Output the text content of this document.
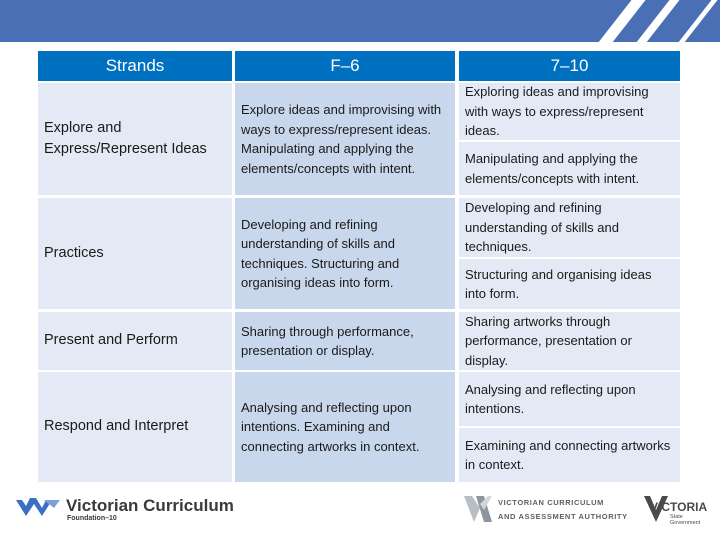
Strands	F–6	7–10
Explore and Express/Represent Ideas
Explore ideas and improvising with ways to express/represent ideas. Manipulating and applying the elements/concepts with intent.
Exploring ideas and improvising with ways to express/represent ideas.
Manipulating and applying the elements/concepts with intent.
Practices
Developing and refining understanding of skills and techniques. Structuring and organising ideas into form.
Developing and refining understanding of skills and techniques.
Structuring and organising ideas into form.
Present and Perform
Sharing through performance, presentation or display.
Sharing artworks through performance, presentation or display.
Respond and Interpret
Analysing and reflecting upon intentions. Examining and connecting artworks in context.
Analysing and reflecting upon intentions.
Examining and connecting artworks in context.
Victorian Curriculum
Foundation–10
VICTORIAN CURRICULUM
AND ASSESSMENT AUTHORITY
VICTORIA
State Government
